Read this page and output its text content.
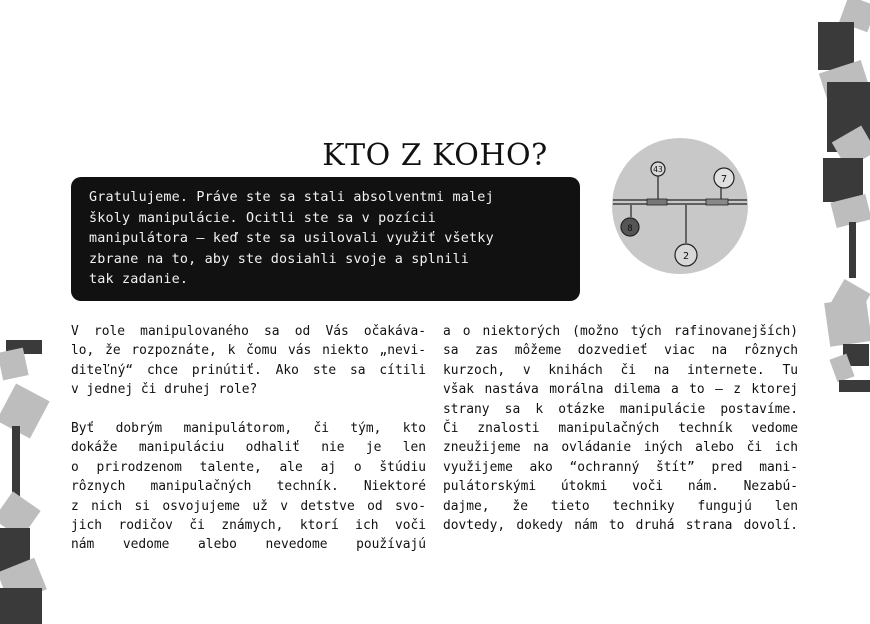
KTO Z KOHO?

Gratulujeme. Práve ste sa stali absolventmi malej
školy manipulácie. Ocitli ste sa v pozícii
manipulátora – keď ste sa usilovali využiť všetky
zbrane na to, aby ste dosiahli svoje a splnili
tak zadanie.

43
7
8
2
V role manipulovaného sa od Vás očakáva-
lo, že rozpoznáte, k čomu vás niekto „nevi-
diteľný“ chce prinútiť. Ako ste sa cítili
v jednej či druhej role?
Byť dobrým manipulátorom, či tým, kto
dokáže manipuláciu odhaliť nie je len
o prirodzenom talente, ale aj o štúdiu
rôznych manipulačných techník. Niektoré
z nich si osvojujeme už v detstve od svo-
jich rodičov či známych, ktorí ich voči
nám vedome alebo nevedome používajú
a o niektorých (možno tých rafinovanejších)
sa zas môžeme dozvedieť viac na rôznych
kurzoch, v knihách či na internete. Tu
však nastáva morálna dilema a to – z ktorej
strany sa k otázke manipulácie postavíme.
Či znalosti manipulačných techník vedome
zneužijeme na ovládanie iných alebo či ich
využijeme ako “ochranný štít” pred mani-
pulátorskými útokmi voči nám. Nezabú-
dajme, že tieto techniky fungujú len
dovtedy, dokedy nám to druhá strana dovolí.
